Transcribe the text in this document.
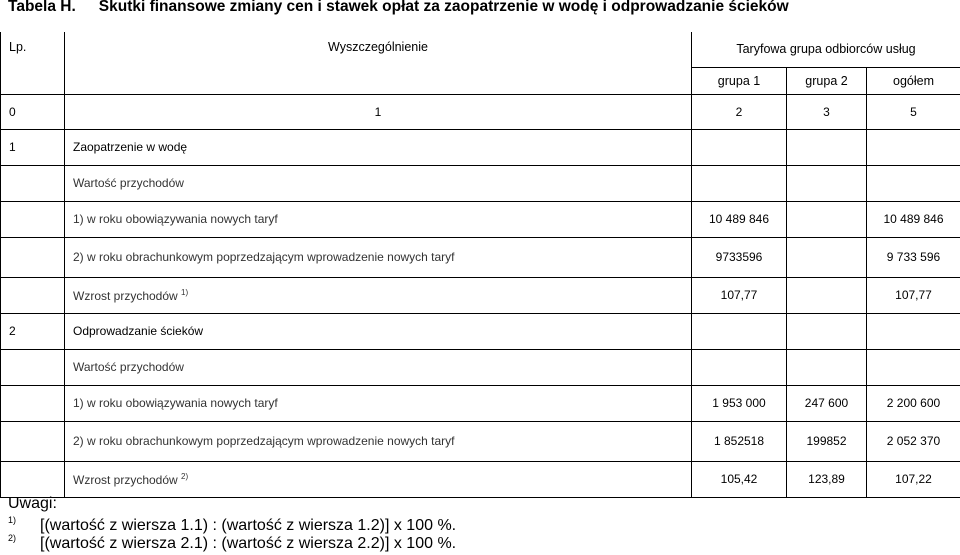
Tabela H. Skutki finansowe zmiany cen i stawek opłat za zaopatrzenie w wodę i odprowadzanie ścieków
Lp.	Wyszczególnienie	Taryfowa grupa odbiorców usług		
		grupa 1	grupa 2	ogółem
0	1	2	3	5
1	Zaopatrzenie w wodę			
	Wartość przychodów			
	1) w roku obowiązywania nowych taryf	10 489 846		10 489 846
	2) w roku obrachunkowym poprzedzającym wprowadzenie nowych taryf	9733596		9 733 596
	Wzrost przychodów $^{1)}$	107,77		107,77
2	Odprowadzanie ścieków			
	Wartość przychodów			
	1) w roku obowiązywania nowych taryf	1 953 000	247 600	2 200 600
	2) w roku obrachunkowym poprzedzającym wprowadzenie nowych taryf	1 852518	199852	2 052 370
	Wzrost przychodów $^{2)}$	105,42	123,89	107,22
Uwagi:
1) [(wartość z wiersza 1.1) : (wartość z wiersza 1.2)] x 100 %.
2) [(wartość z wiersza 2.1) : (wartość z wiersza 2.2)] x 100 %.
